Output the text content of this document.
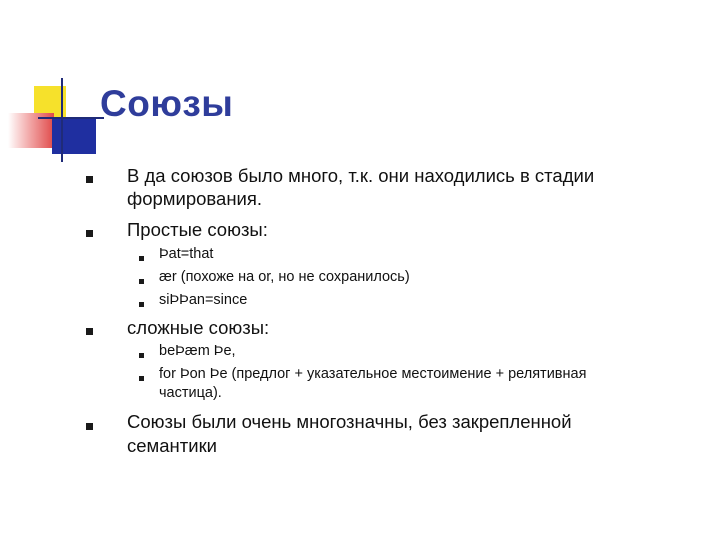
Союзы
В да союзов было много, т.к. они находились в стадии
формирования.
Простые союзы:
Þat=that
ær (похоже на or, но не сохранилось)
siÞÞan=since
сложные союзы:
beÞæm Þe,
for Þon Þe (предлог + указательное местоимение + релятивная
частица).
Союзы были очень многозначны, без закрепленной
семантики
